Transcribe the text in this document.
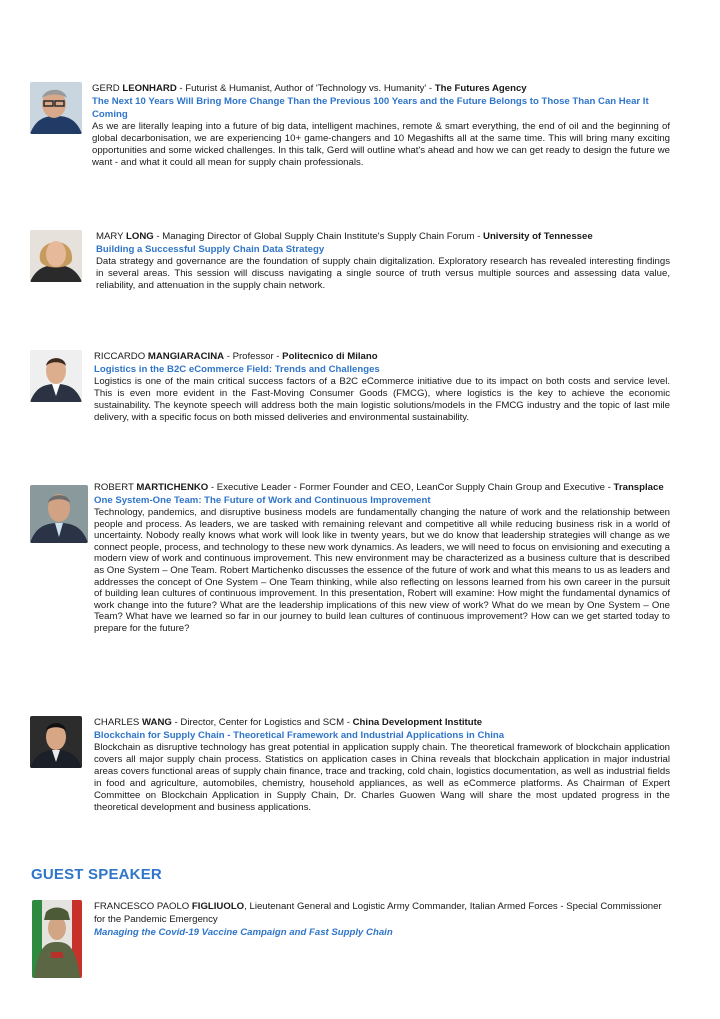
GERD LEONHARD - Futurist & Humanist, Author of 'Technology vs. Humanity' - The Futures Agency
The Next 10 Years Will Bring More Change Than the Previous 100 Years and the Future Belongs to Those Than Can Hear It Coming
As we are literally leaping into a future of big data, intelligent machines, remote & smart everything, the end of oil and the beginning of global decarbonisation, we are experiencing 10+ game-changers and 10 Megashifts all at the same time. This will bring many exciting opportunities and some wicked challenges. In this talk, Gerd will outline what's ahead and how we can get ready to design the future we want - and what it could all mean for supply chain professionals.
MARY LONG - Managing Director of Global Supply Chain Institute's Supply Chain Forum - University of Tennessee
Building a Successful Supply Chain Data Strategy
Data strategy and governance are the foundation of supply chain digitalization. Exploratory research has revealed interesting findings in several areas. This session will discuss navigating a single source of truth versus multiple sources and assessing data value, reliability, and attenuation in the supply chain network.
RICCARDO MANGIARACINA - Professor - Politecnico di Milano
Logistics in the B2C eCommerce Field: Trends and Challenges
Logistics is one of the main critical success factors of a B2C eCommerce initiative due to its impact on both costs and service level. This is even more evident in the Fast-Moving Consumer Goods (FMCG), where logistics is the key to achieve the economic sustainability. The keynote speech will address both the main logistic solutions/models in the FMCG industry and the topic of last mile delivery, with a specific focus on both missed deliveries and environmental sustainability.
ROBERT MARTICHENKO - Executive Leader - Former Founder and CEO, LeanCor Supply Chain Group and Executive - Transplace
One System-One Team: The Future of Work and Continuous Improvement
Technology, pandemics, and disruptive business models are fundamentally changing the nature of work and the relationship between people and process. As leaders, we are tasked with remaining relevant and competitive all while reducing business risk in a world of uncertainty. Nobody really knows what work will look like in twenty years, but we do know that leadership strategies will change as we connect people, process, and technology to these new work dynamics. As leaders, we will need to focus on envisioning and executing a modern view of work and continuous improvement. This new environment may be characterized as a business culture that is described as One System – One Team. Robert Martichenko discusses the essence of the future of work and what this means to us as leaders and addresses the concept of One System – One Team thinking, while also reflecting on lessons learned from his own career in the pursuit of building lean cultures of continuous improvement. In this presentation, Robert will examine: How might the fundamental dynamics of work change into the future? What are the leadership implications of this new view of work? What do we mean by One System – One Team? What have we learned so far in our journey to build lean cultures of continuous improvement? How can we get started today to prepare for the future?
CHARLES WANG - Director, Center for Logistics and SCM - China Development Institute
Blockchain for Supply Chain - Theoretical Framework and Industrial Applications in China
Blockchain as disruptive technology has great potential in application supply chain. The theoretical framework of blockchain application covers all major supply chain process. Statistics on application cases in China reveals that blockchain application in major industrial areas covers functional areas of supply chain finance, trace and tracking, cold chain, logistics documentation, as well as industrial fields in food and agriculture, automobiles, chemistry, household appliances, as well as eCommerce platforms. As Chairman of Expert Committee on Blockchain Application in Supply Chain, Dr. Charles Guowen Wang will share the most updated progress in the theoretical development and business applications.
GUEST SPEAKER
FRANCESCO PAOLO FIGLIUOLO, Lieutenant General and Logistic Army Commander, Italian Armed Forces - Special Commissioner for the Pandemic Emergency
Managing the Covid-19 Vaccine Campaign and Fast Supply Chain
